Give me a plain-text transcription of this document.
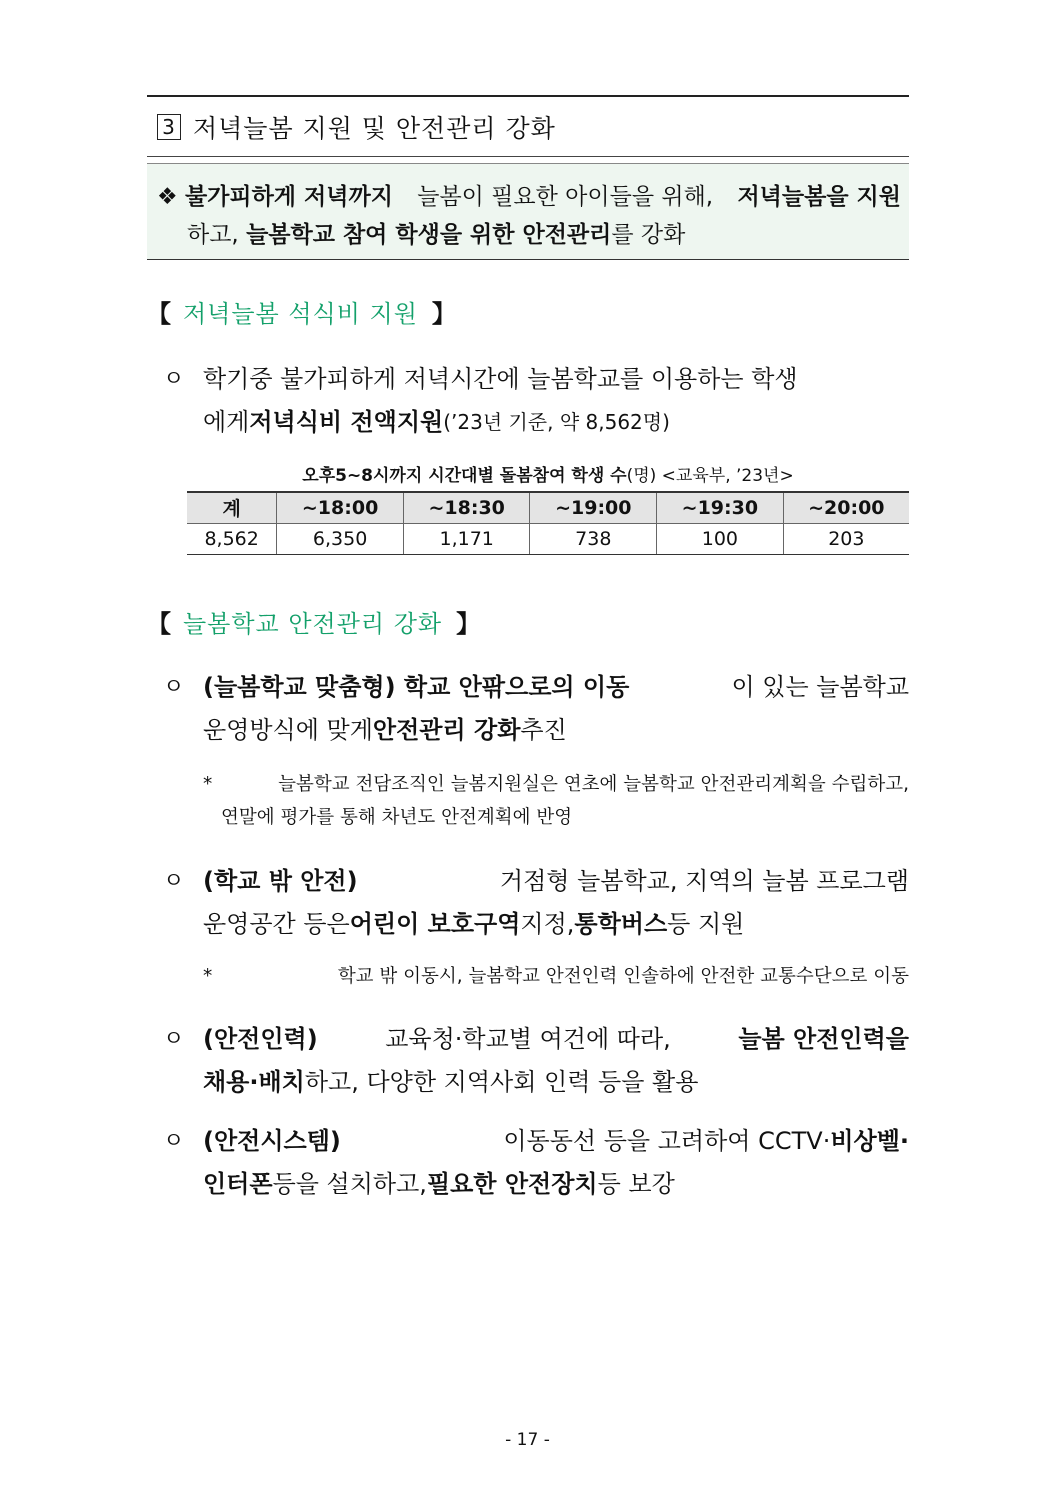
3 저녁늘봄 지원 및 안전관리 강화
❖ 불가피하게 저녁까지 늘봄이 필요한 아이들을 위해, 저녁늘봄을 지원
하고, 늘봄학교 참여 학생을 위한 안전관리를 강화
【 저녁늘봄 석식비 지원 】
ㅇ 학기중 불가피하게 저녁시간에 늘봄학교를 이용하는 학생
에게 저녁식비 전액지원 (’23년 기준, 약 8,562명)
오후5~8시까지 시간대별 돌봄참여 학생 수(명) <교육부, ’23년>
계	~18:00	~18:30	~19:00	~19:30	~20:00
8,562	6,350	1,171	738	100	203
【 늘봄학교 안전관리 강화 】
ㅇ (늘봄학교 맞춤형) 학교 안팎으로의 이동	이 있는 늘봄학교
운영방식에 맞게 안전관리 강화 추진
*	늘봄학교 전담조직인 늘봄지원실은 연초에 늘봄학교 안전관리계획을 수립하고,
연말에 평가를 통해 차년도 안전계획에 반영
ㅇ (학교 밖 안전)	거점형 늘봄학교, 지역의 늘봄 프로그램
운영공간 등은 어린이 보호구역 지정, 통학버스 등 지원
*	학교 밖 이동시, 늘봄학교 안전인력 인솔하에 안전한 교통수단으로 이동
ㅇ (안전인력)	교육청·학교별 여건에 따라,	늘봄 안전인력을
채용·배치 하고, 다양한 지역사회 인력 등을 활용
ㅇ (안전시스템)	이동동선 등을 고려하여 CCTV·비상벨·
인터폰 등을 설치하고, 필요한 안전장치 등 보강
- 17 -
